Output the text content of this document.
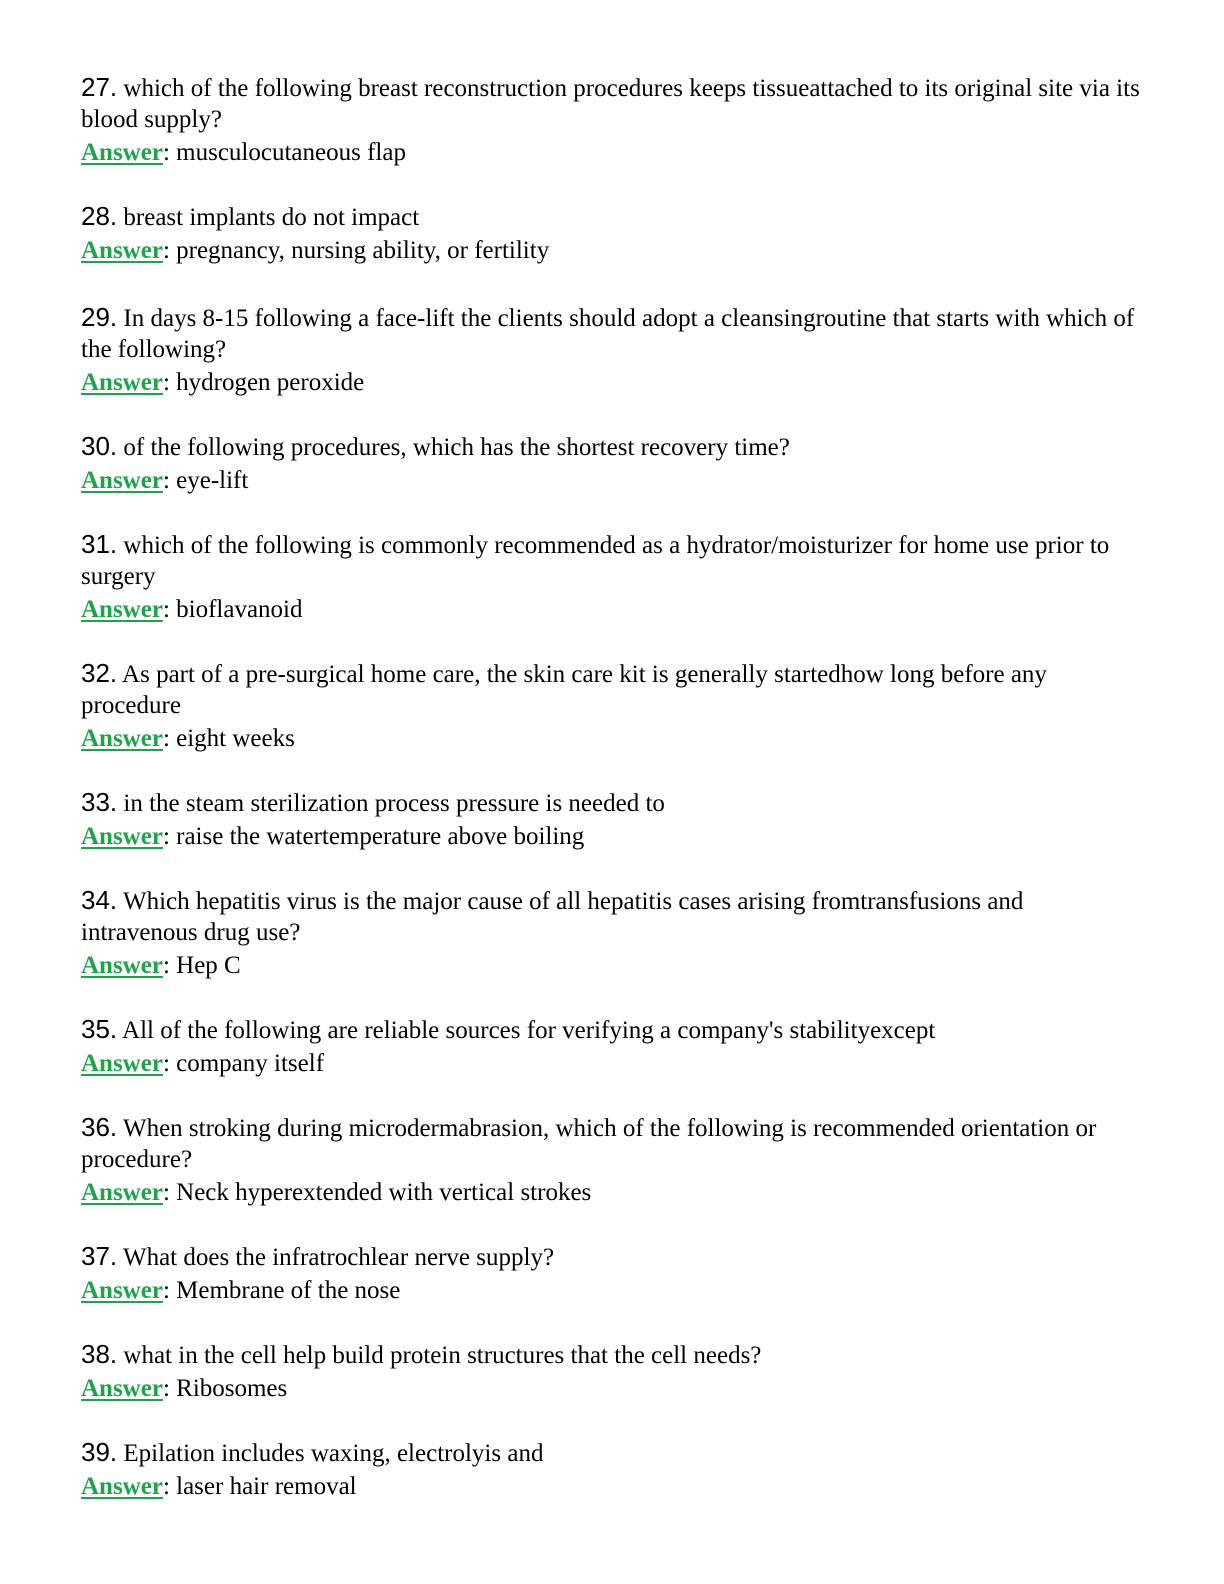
27. which of the following breast reconstruction procedures keeps tissueattached to its original site via its blood supply?

Answer: musculocutaneous flap

28. breast implants do not impact

Answer: pregnancy, nursing ability, or fertility

29. In days 8-15 following a face-lift the clients should adopt a cleansingroutine that starts with which of the following?

Answer: hydrogen peroxide

30. of the following procedures, which has the shortest recovery time?

Answer: eye-lift

31. which of the following is commonly recommended as a hydrator/moisturizer for home use prior to surgery

Answer: bioflavanoid

32. As part of a pre-surgical home care, the skin care kit is generally startedhow long before any procedure

Answer: eight weeks

33. in the steam sterilization process pressure is needed to

Answer: raise the watertemperature above boiling

34. Which hepatitis virus is the major cause of all hepatitis cases arising fromtransfusions and intravenous drug use?

Answer: Hep C

35. All of the following are reliable sources for verifying a company's stabilityexcept

Answer: company itself

36. When stroking during microdermabrasion, which of the following is recommended orientation or procedure?

Answer: Neck hyperextended with vertical strokes

37. What does the infratrochlear nerve supply?

Answer: Membrane of the nose

38. what in the cell help build protein structures that the cell needs?

Answer: Ribosomes

39. Epilation includes waxing, electrolyis and

Answer: laser hair removal
